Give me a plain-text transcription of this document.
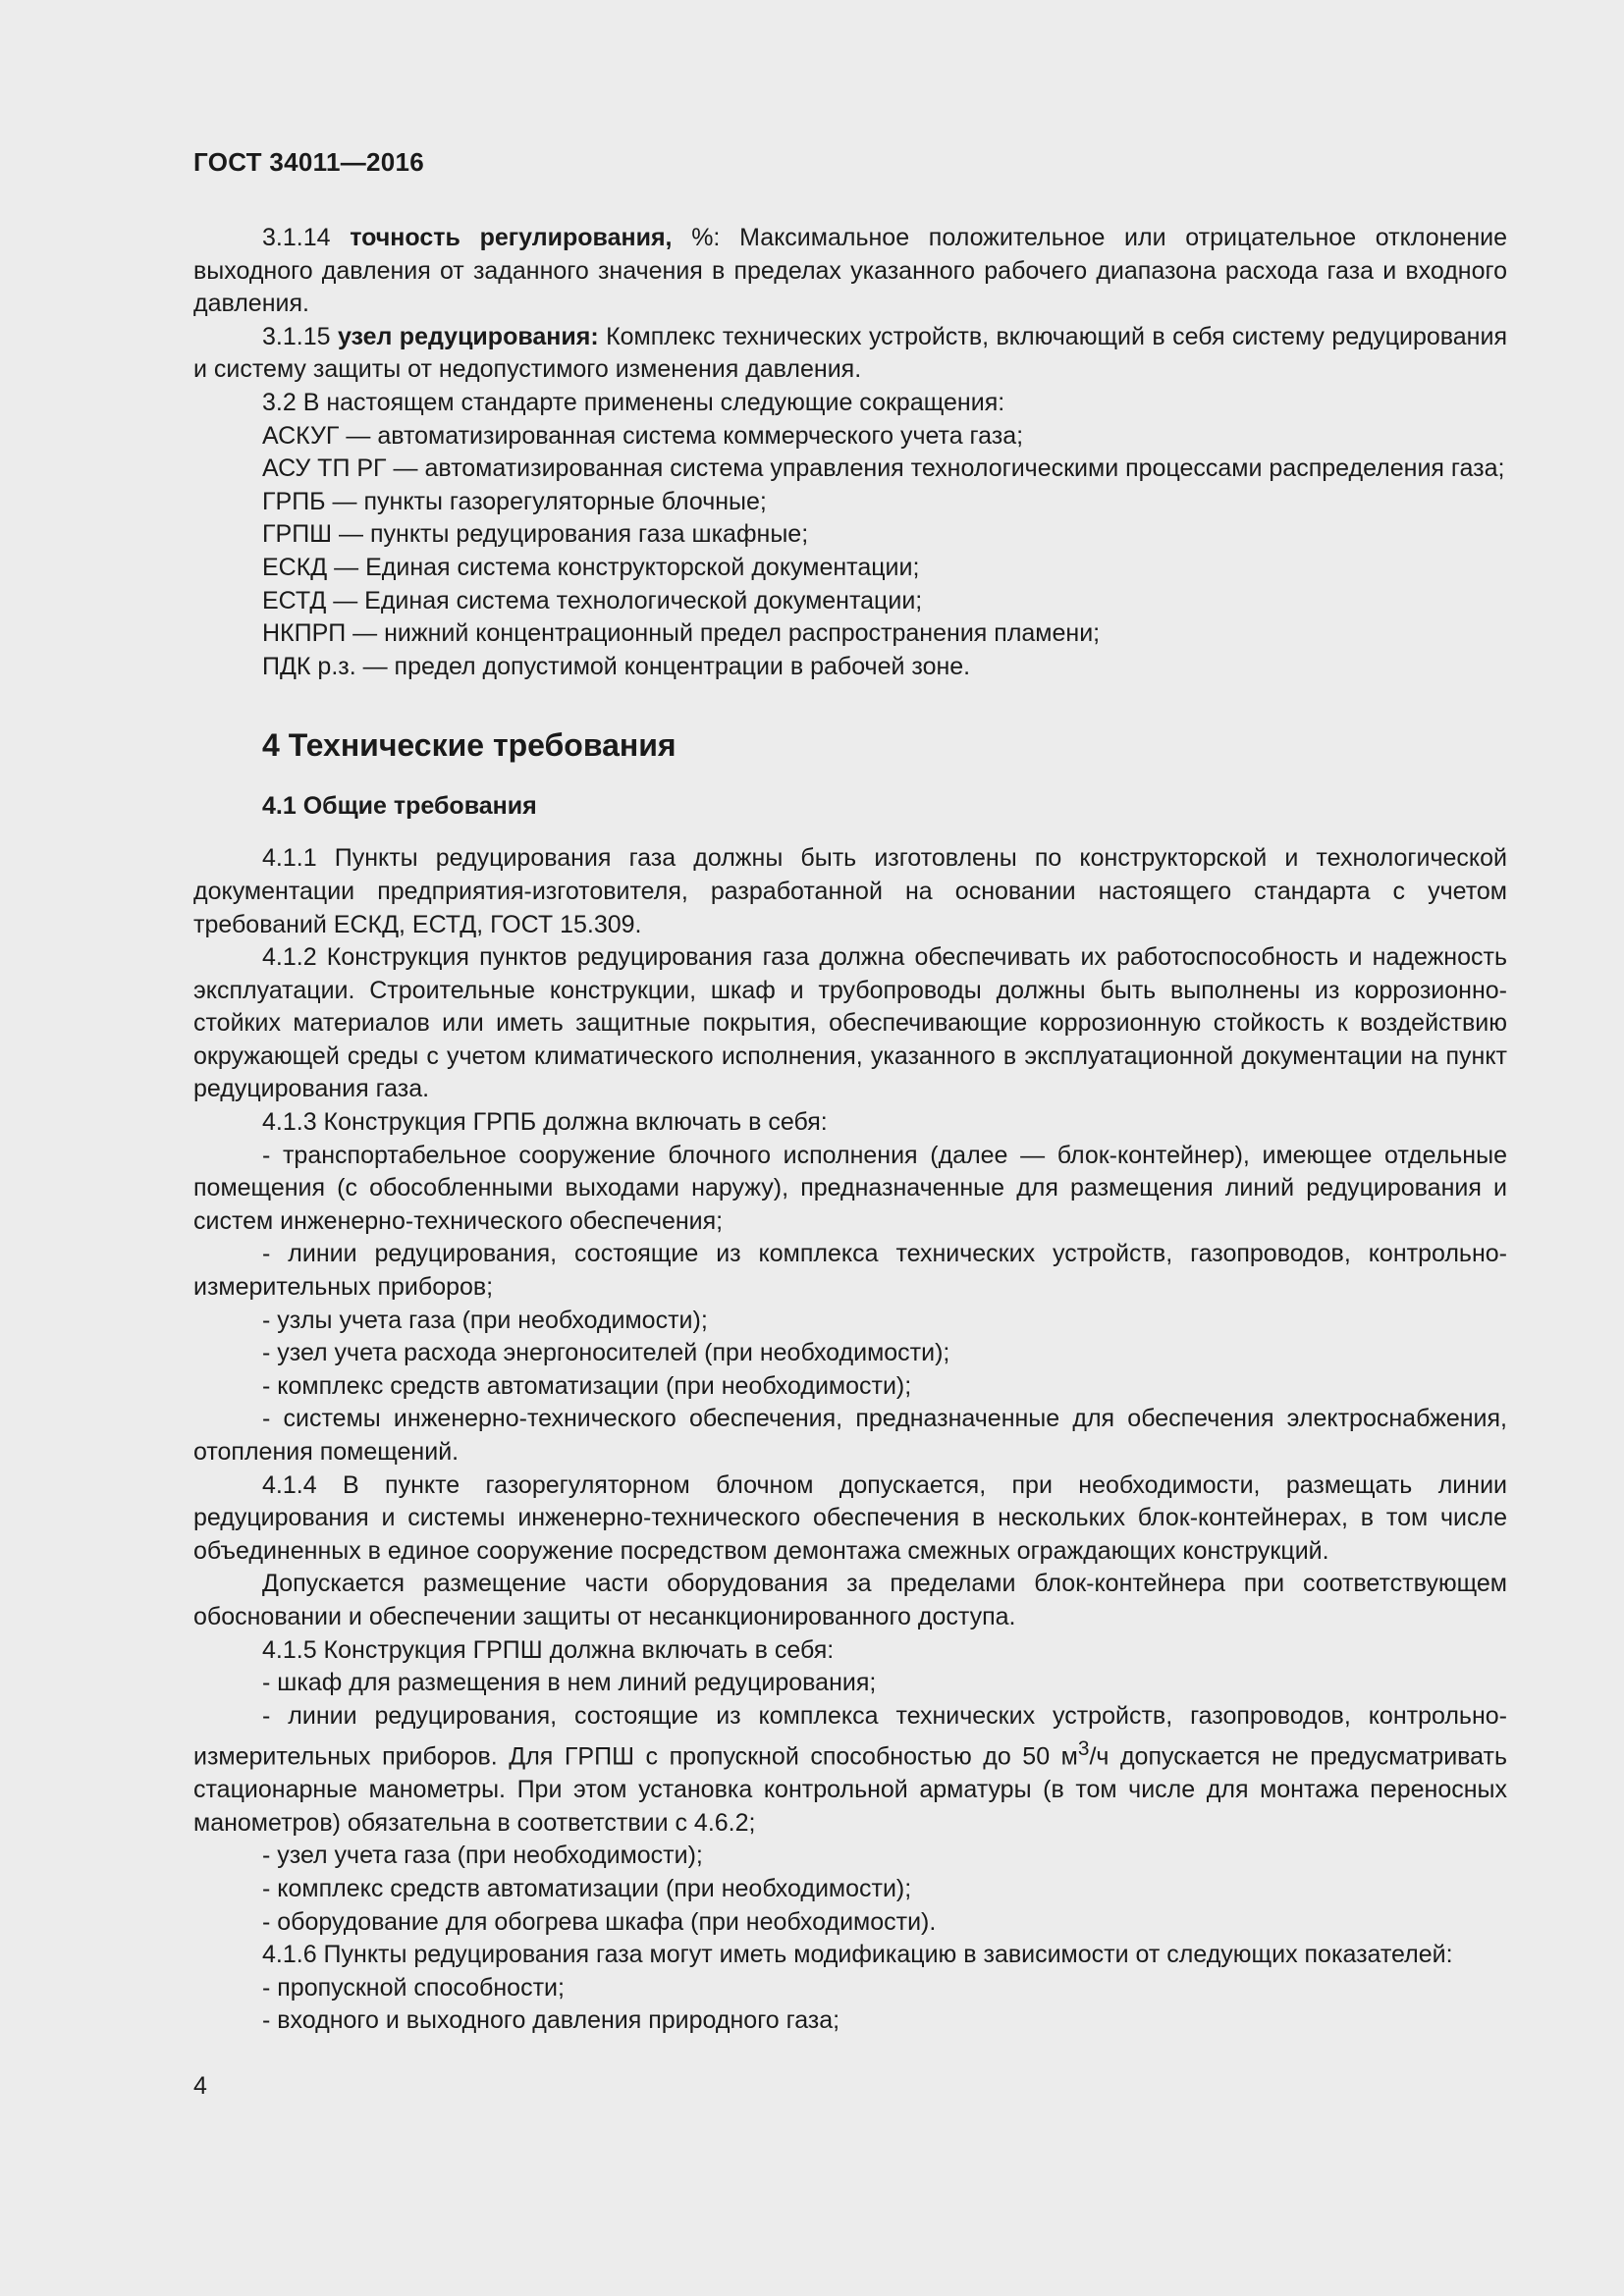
ГОСТ 34011—2016

3.1.14 точность регулирования, %: Максимальное положительное или отрицательное отклонение выходного давления от заданного значения в пределах указанного рабочего диапазона расхода газа и входного давления.

3.1.15 узел редуцирования: Комплекс технических устройств, включающий в себя систему редуцирования и систему защиты от недопустимого изменения давления.

3.2 В настоящем стандарте применены следующие сокращения:

АСКУГ — автоматизированная система коммерческого учета газа;

АСУ ТП РГ — автоматизированная система управления технологическими процессами распределения газа;

ГРПБ — пункты газорегуляторные блочные;

ГРПШ — пункты редуцирования газа шкафные;

ЕСКД — Единая система конструкторской документации;

ЕСТД — Единая система технологической документации;

НКПРП — нижний концентрационный предел распространения пламени;

ПДК р.з. — предел допустимой концентрации в рабочей зоне.

4 Технические требования
4.1 Общие требования

4.1.1 Пункты редуцирования газа должны быть изготовлены по конструкторской и технологической документации предприятия-изготовителя, разработанной на основании настоящего стандарта с учетом требований ЕСКД, ЕСТД, ГОСТ 15.309.

4.1.2 Конструкция пунктов редуцирования газа должна обеспечивать их работоспособность и надежность эксплуатации. Строительные конструкции, шкаф и трубопроводы должны быть выполнены из коррозионно-стойких материалов или иметь защитные покрытия, обеспечивающие коррозионную стойкость к воздействию окружающей среды с учетом климатического исполнения, указанного в эксплуатационной документации на пункт редуцирования газа.

4.1.3 Конструкция ГРПБ должна включать в себя:

- транспортабельное сооружение блочного исполнения (далее — блок-контейнер), имеющее отдельные помещения (с обособленными выходами наружу), предназначенные для размещения линий редуцирования и систем инженерно-технического обеспечения;

- линии редуцирования, состоящие из комплекса технических устройств, газопроводов, контрольно-измерительных приборов;

- узлы учета газа (при необходимости);

- узел учета расхода энергоносителей (при необходимости);

- комплекс средств автоматизации (при необходимости);

- системы инженерно-технического обеспечения, предназначенные для обеспечения электроснабжения, отопления помещений.

4.1.4 В пункте газорегуляторном блочном допускается, при необходимости, размещать линии редуцирования и системы инженерно-технического обеспечения в нескольких блок-контейнерах, в том числе объединенных в единое сооружение посредством демонтажа смежных ограждающих конструкций.

Допускается размещение части оборудования за пределами блок-контейнера при соответствующем обосновании и обеспечении защиты от несанкционированного доступа.

4.1.5 Конструкция ГРПШ должна включать в себя:

- шкаф для размещения в нем линий редуцирования;

- линии редуцирования, состоящие из комплекса технических устройств, газопроводов, контрольно-измерительных приборов. Для ГРПШ с пропускной способностью до 50 $м^3/ч$ допускается не предусматривать стационарные манометры. При этом установка контрольной арматуры (в том числе для монтажа переносных манометров) обязательна в соответствии с 4.6.2;

- узел учета газа (при необходимости);

- комплекс средств автоматизации (при необходимости);

- оборудование для обогрева шкафа (при необходимости).

4.1.6 Пункты редуцирования газа могут иметь модификацию в зависимости от следующих показателей:

- пропускной способности;

- входного и выходного давления природного газа;

4
